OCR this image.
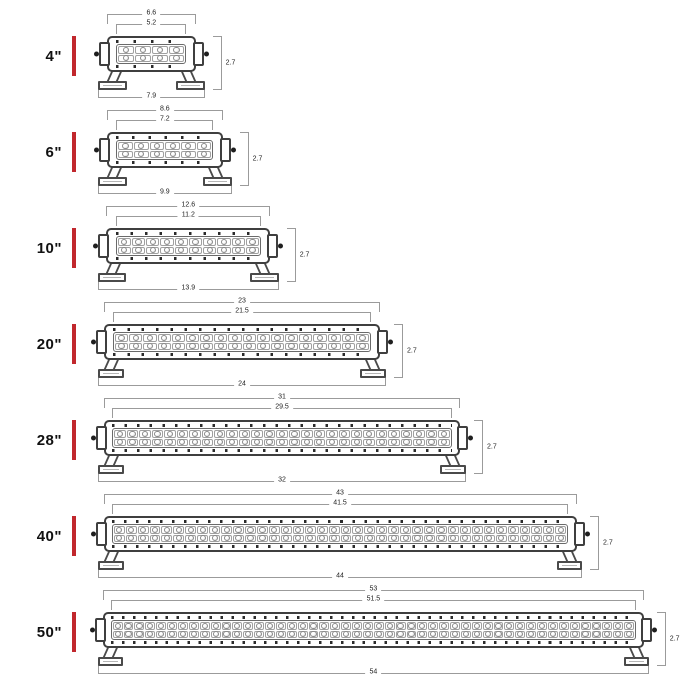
4"
6.6
5.2
7.9
2.7
6"
8.6
7.2
9.9
2.7
10"
12.6
11.2
13.9
2.7
20"
23
21.5
24
2.7
28"
31
29.5
32
2.7
40"
43
41.5
44
2.7
50"
53
51.5
54
2.7
